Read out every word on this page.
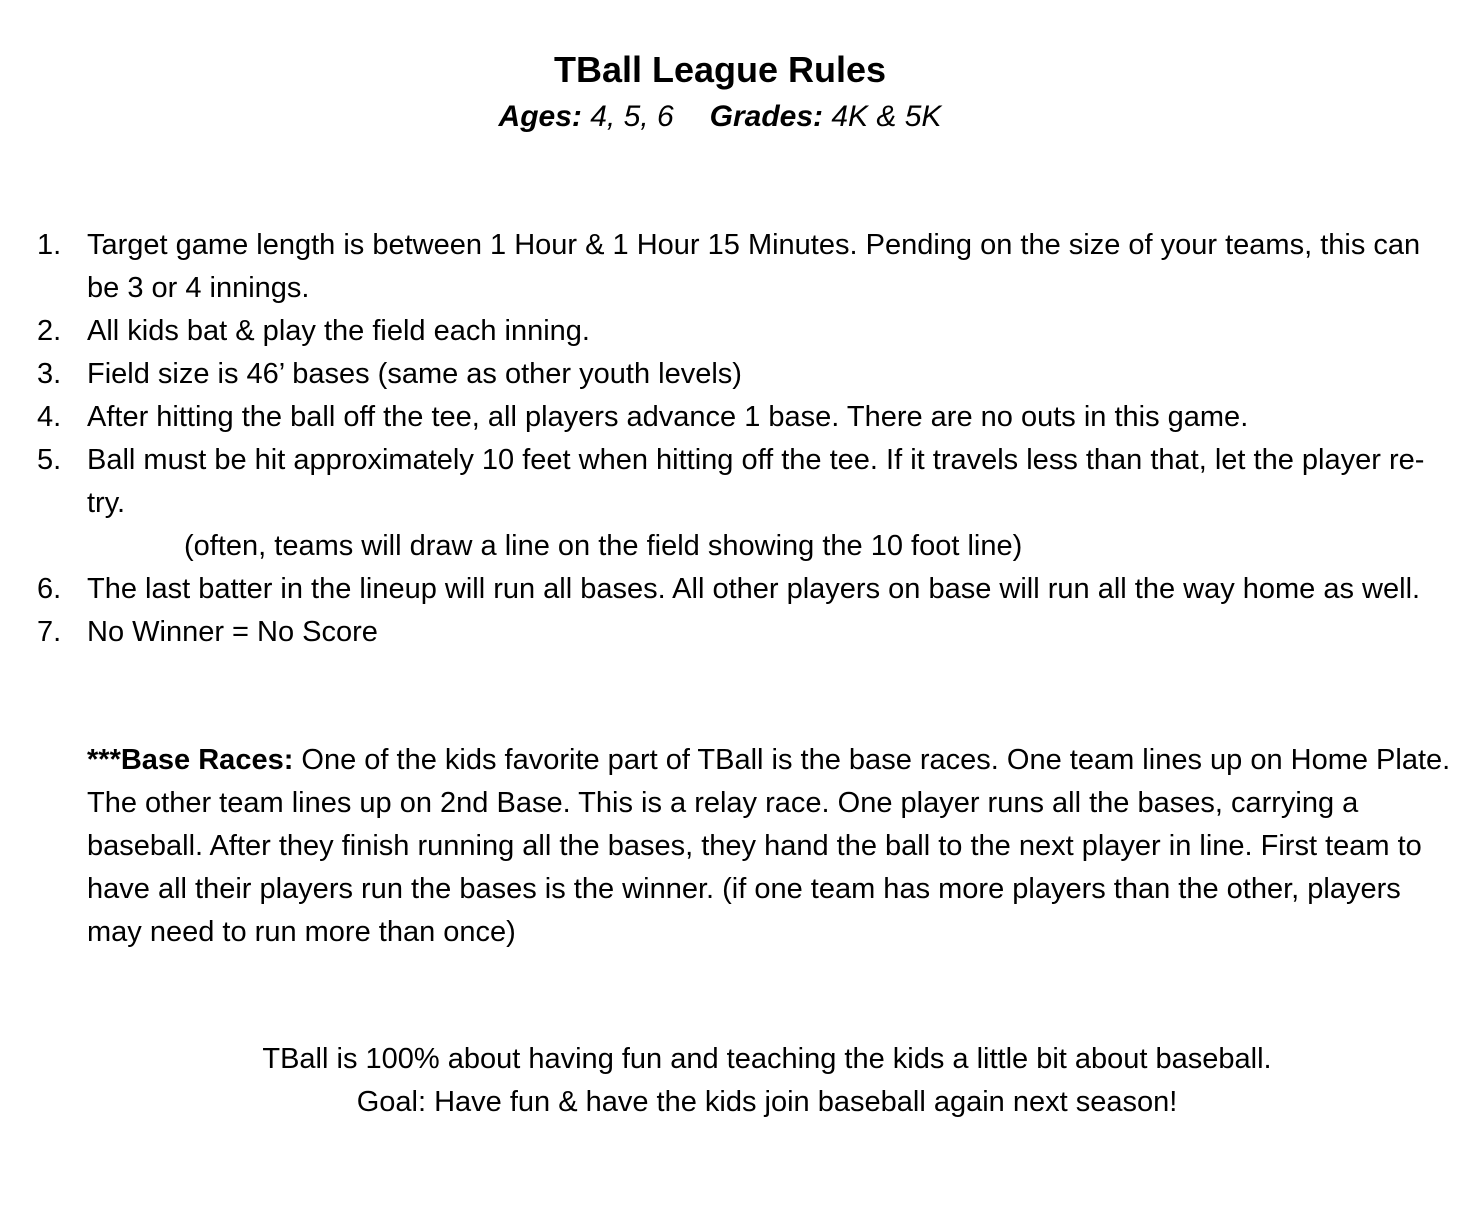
TBall League Rules
Ages: 4, 5, 6 Grades: 4K & 5K
1. Target game length is between 1 Hour & 1 Hour 15 Minutes. Pending on the size of your teams, this can be 3 or 4 innings.
2. All kids bat & play the field each inning.
3. Field size is 46’ bases (same as other youth levels)
4. After hitting the ball off the tee, all players advance 1 base. There are no outs in this game.
5. Ball must be hit approximately 10 feet when hitting off the tee. If it travels less than that, let the player re-try.
(often, teams will draw a line on the field showing the 10 foot line)
6. The last batter in the lineup will run all bases. All other players on base will run all the way home as well.
7. No Winner = No Score

***Base Races: One of the kids favorite part of TBall is the base races. One team lines up on Home Plate. The other team lines up on 2nd Base. This is a relay race. One player runs all the bases, carrying a baseball. After they finish running all the bases, they hand the ball to the next player in line. First team to have all their players run the bases is the winner. (if one team has more players than the other, players may need to run more than once)

TBall is 100% about having fun and teaching the kids a little bit about baseball.
Goal: Have fun & have the kids join baseball again next season!
